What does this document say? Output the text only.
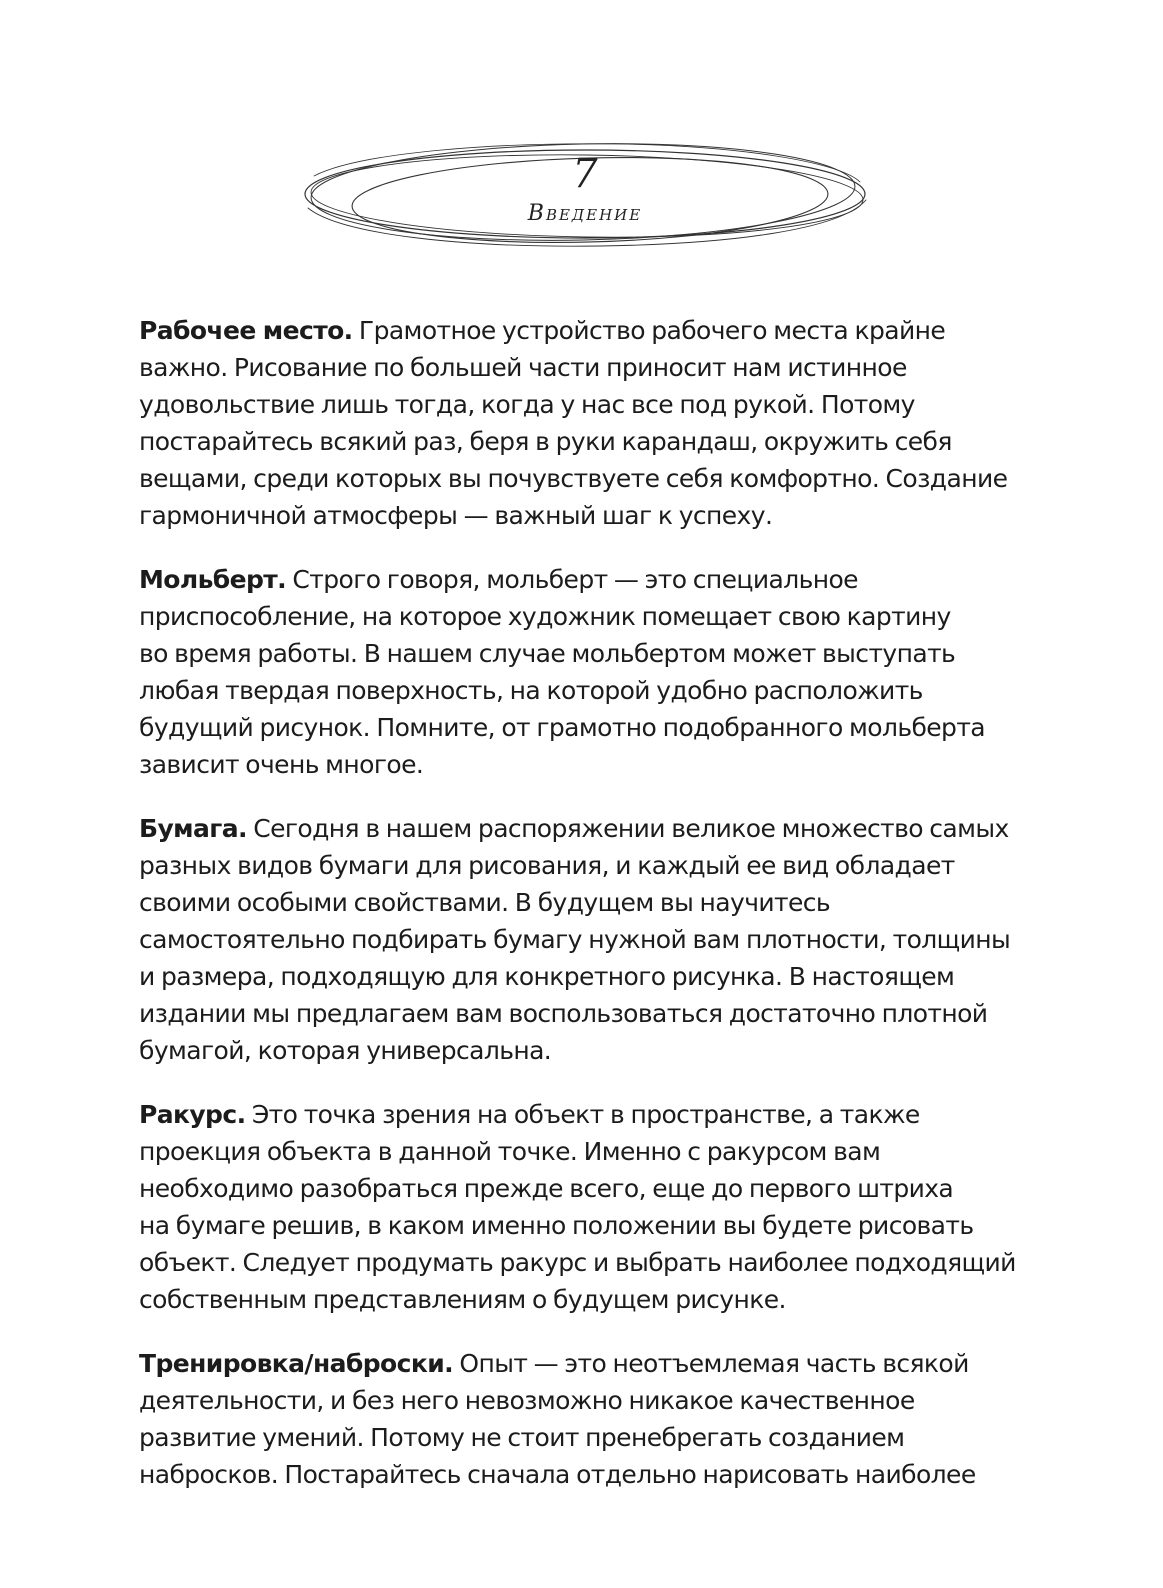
7
Введение

Рабочее место. Грамотное устройство рабочего места крайне
важно. Рисование по большей части приносит нам истинное
удовольствие лишь тогда, когда у нас все под рукой. Потому
постарайтесь всякий раз, беря в руки карандаш, окружить себя
вещами, среди которых вы почувствуете себя комфортно. Создание
гармоничной атмосферы — важный шаг к успеху.

Мольберт. Строго говоря, мольберт — это специальное
приспособление, на которое художник помещает свою картину
во время работы. В нашем случае мольбертом может выступать
любая твердая поверхность, на которой удобно расположить
будущий рисунок. Помните, от грамотно подобранного мольберта
зависит очень многое.

Бумага. Сегодня в нашем распоряжении великое множество самых
разных видов бумаги для рисования, и каждый ее вид обладает
своими особыми свойствами. В будущем вы научитесь
самостоятельно подбирать бумагу нужной вам плотности, толщины
и размера, подходящую для конкретного рисунка. В настоящем
издании мы предлагаем вам воспользоваться достаточно плотной
бумагой, которая универсальна.

Ракурс. Это точка зрения на объект в пространстве, а также
проекция объекта в данной точке. Именно с ракурсом вам
необходимо разобраться прежде всего, еще до первого штриха
на бумаге решив, в каком именно положении вы будете рисовать
объект. Следует продумать ракурс и выбрать наиболее подходящий
собственным представлениям о будущем рисунке.

Тренировка/наброски. Опыт — это неотъемлемая часть всякой
деятельности, и без него невозможно никакое качественное
развитие умений. Потому не стоит пренебрегать созданием
набросков. Постарайтесь сначала отдельно нарисовать наиболее
